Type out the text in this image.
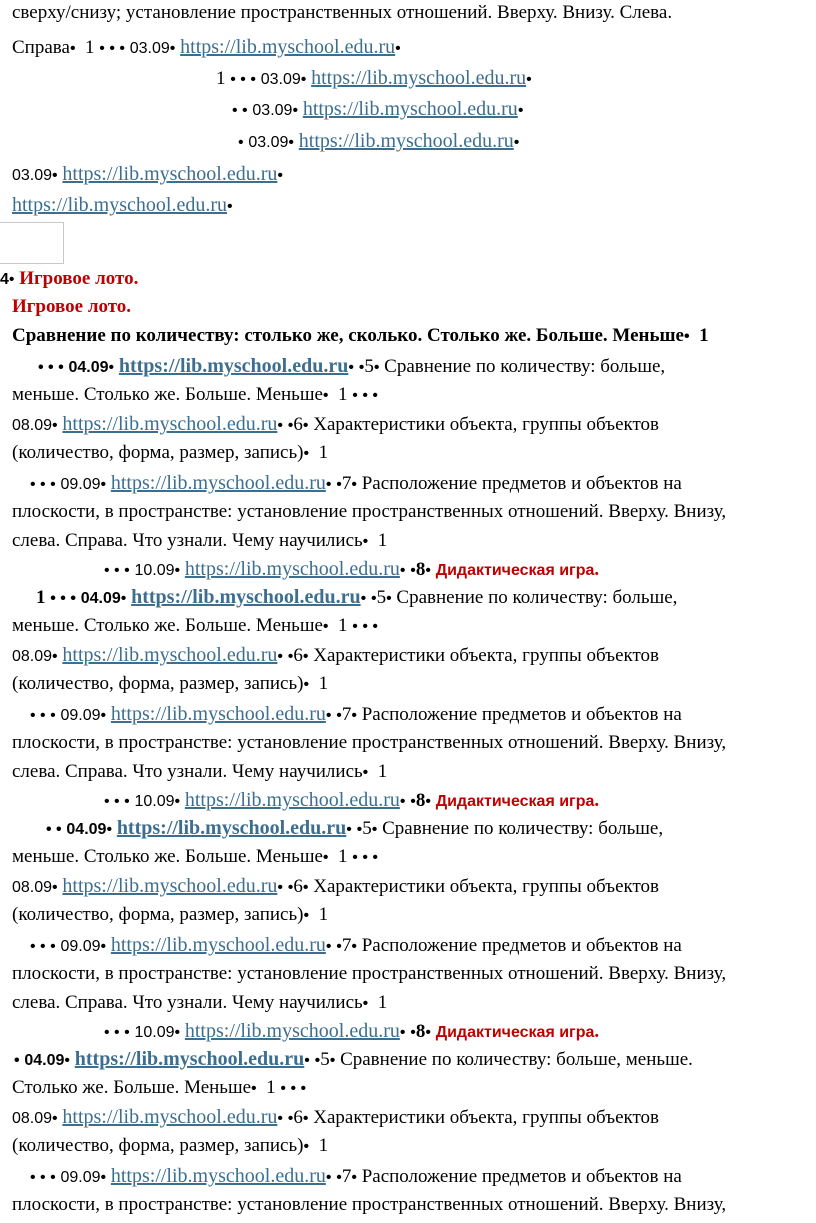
сверху/снизу; установление пространственных отношений. Вверху. Внизу. Слева.
Справа• 1 • • • 03.09• https://lib.myschool.edu.ru•
1 • • • 03.09• https://lib.myschool.edu.ru•
• • 03.09• https://lib.myschool.edu.ru•
• 03.09• https://lib.myschool.edu.ru•
03.09• https://lib.myschool.edu.ru•
https://lib.myschool.edu.ru•
4• Игровое лото.
Игровое лото.
Сравнение по количеству: столько же, сколько. Столько же. Больше. Меньше• 1
• • • 04.09• https://lib.myschool.edu.ru• •5• Сравнение по количеству: больше,
меньше. Столько же. Больше. Меньше• 1 • • •
08.09• https://lib.myschool.edu.ru• •6• Характеристики объекта, группы объектов
(количество, форма, размер, запись)• 1
• • • 09.09• https://lib.myschool.edu.ru• •7• Расположение предметов и объектов на
плоскости, в пространстве: установление пространственных отношений. Вверху. Внизу,
слева. Справа. Что узнали. Чему научились• 1
• • • 10.09• https://lib.myschool.edu.ru• •8• Дидактическая игра.
1 • • • 04.09• https://lib.myschool.edu.ru• •5• Сравнение по количеству: больше,
меньше. Столько же. Больше. Меньше• 1 • • •
08.09• https://lib.myschool.edu.ru• •6• Характеристики объекта, группы объектов
(количество, форма, размер, запись)• 1
• • • 09.09• https://lib.myschool.edu.ru• •7• Расположение предметов и объектов на
плоскости, в пространстве: установление пространственных отношений. Вверху. Внизу,
слева. Справа. Что узнали. Чему научились• 1
• • • 10.09• https://lib.myschool.edu.ru• •8• Дидактическая игра.
• • 04.09• https://lib.myschool.edu.ru• •5• Сравнение по количеству: больше,
меньше. Столько же. Больше. Меньше• 1 • • •
08.09• https://lib.myschool.edu.ru• •6• Характеристики объекта, группы объектов
(количество, форма, размер, запись)• 1
• • • 09.09• https://lib.myschool.edu.ru• •7• Расположение предметов и объектов на
плоскости, в пространстве: установление пространственных отношений. Вверху. Внизу,
слева. Справа. Что узнали. Чему научились• 1
• • • 10.09• https://lib.myschool.edu.ru• •8• Дидактическая игра.
• 04.09• https://lib.myschool.edu.ru• •5• Сравнение по количеству: больше, меньше.
Столько же. Больше. Меньше• 1 • • •
08.09• https://lib.myschool.edu.ru• •6• Характеристики объекта, группы объектов
(количество, форма, размер, запись)• 1
• • • 09.09• https://lib.myschool.edu.ru• •7• Расположение предметов и объектов на
плоскости, в пространстве: установление пространственных отношений. Вверху. Внизу,
